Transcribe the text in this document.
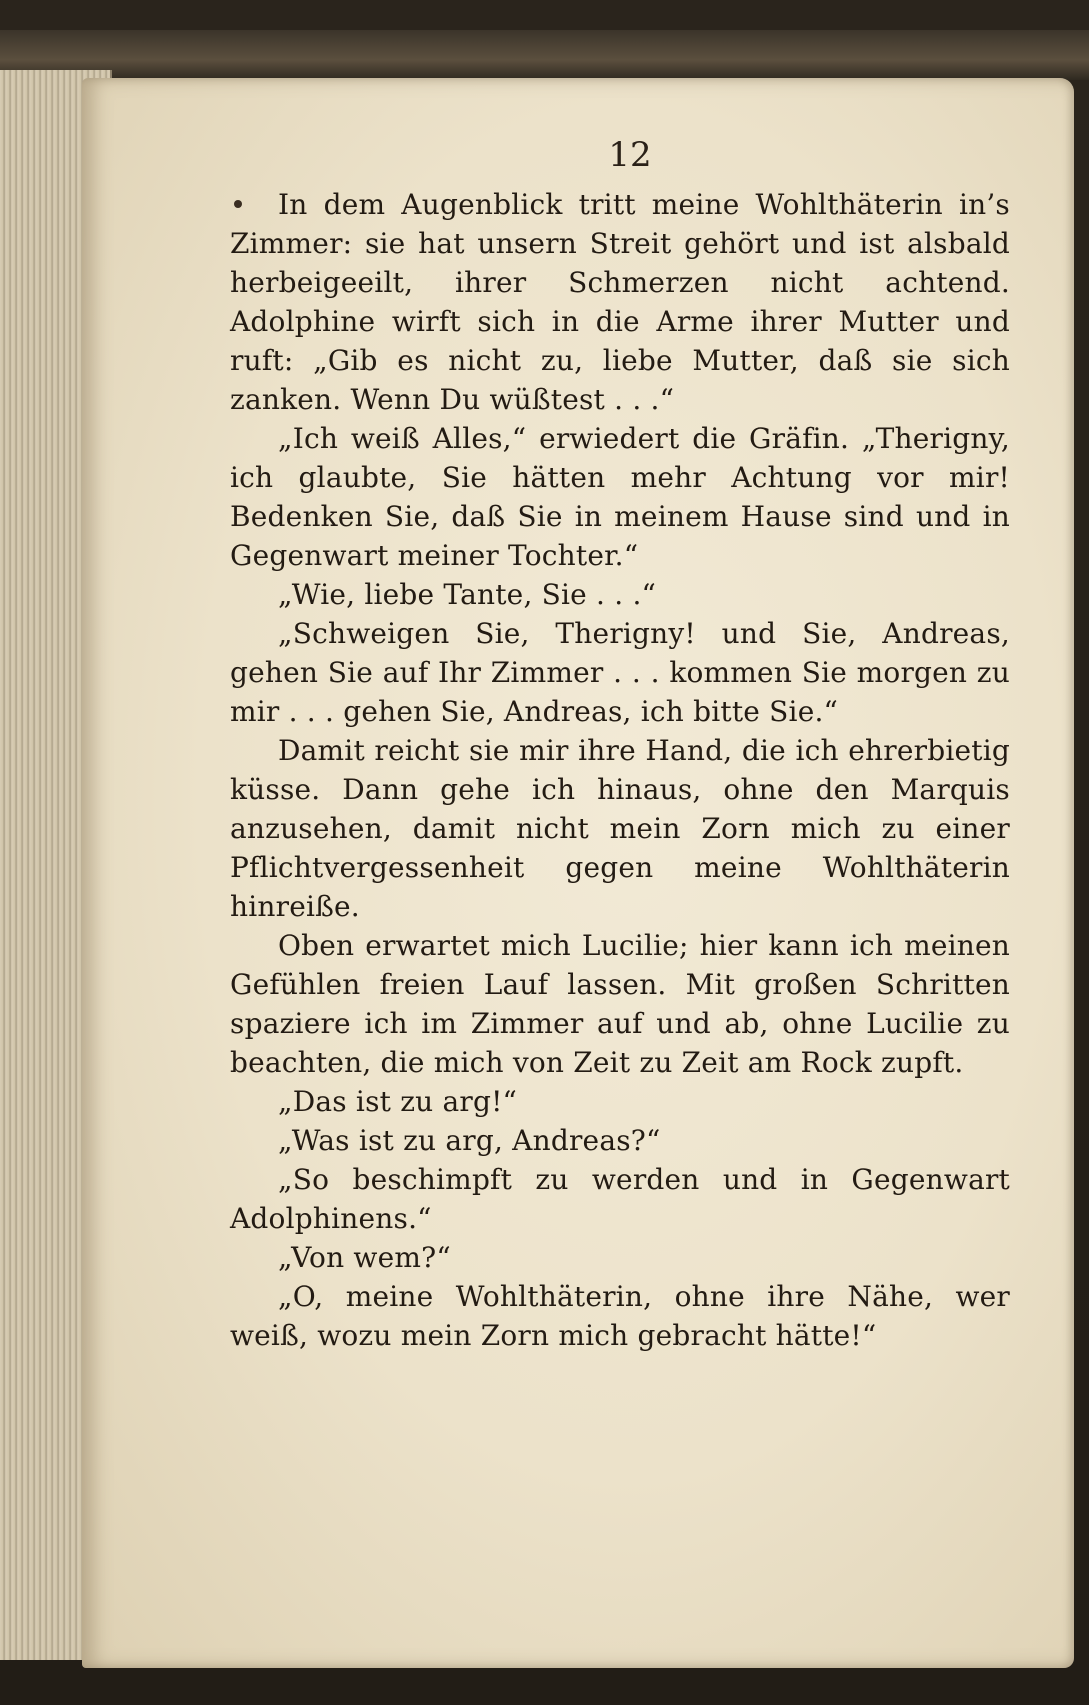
12

In dem Augenblick tritt meine Wohlthäterin in’s Zimmer: sie hat unsern Streit gehört und ist alsbald herbeigeeilt, ihrer Schmerzen nicht achtend. Adolphine wirft sich in die Arme ihrer Mutter und ruft: „Gib es nicht zu, liebe Mutter, daß sie sich zanken. Wenn Du wüßtest . . .“

„Ich weiß Alles,“ erwiedert die Gräfin. „Therigny, ich glaubte, Sie hätten mehr Achtung vor mir! Bedenken Sie, daß Sie in meinem Hause sind und in Gegenwart meiner Tochter.“

„Wie, liebe Tante, Sie . . .“

„Schweigen Sie, Therigny! und Sie, Andreas, gehen Sie auf Ihr Zimmer . . . kommen Sie morgen zu mir . . . gehen Sie, Andreas, ich bitte Sie.“

Damit reicht sie mir ihre Hand, die ich ehrerbietig küsse. Dann gehe ich hinaus, ohne den Marquis anzusehen, damit nicht mein Zorn mich zu einer Pflichtvergessenheit gegen meine Wohlthäterin hinreiße.

Oben erwartet mich Lucilie; hier kann ich meinen Gefühlen freien Lauf lassen. Mit großen Schritten spaziere ich im Zimmer auf und ab, ohne Lucilie zu beachten, die mich von Zeit zu Zeit am Rock zupft.

„Das ist zu arg!“

„Was ist zu arg, Andreas?“

„So beschimpft zu werden und in Gegenwart Adolphinens.“

„Von wem?“

„O, meine Wohlthäterin, ohne ihre Nähe, wer weiß, wozu mein Zorn mich gebracht hätte!“
